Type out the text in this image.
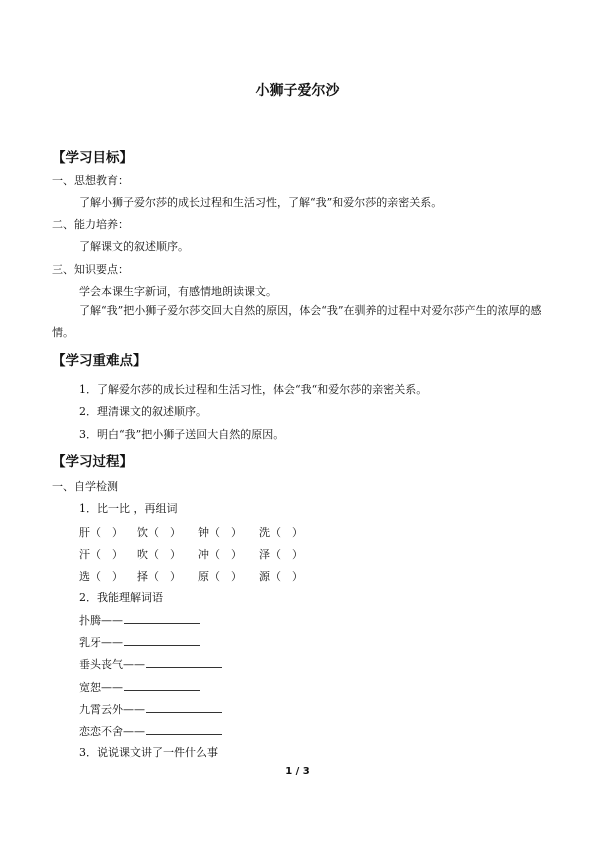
小狮子爱尔沙
【学习目标】
一、思想教育：
了解小狮子爱尔莎的成长过程和生活习性，了解“我”和爱尔莎的亲密关系。
二、能力培养：
了解课文的叙述顺序。
三、知识要点：
学会本课生字新词，有感情地朗读课文。
了解“我”把小狮子爱尔莎交回大自然的原因，体会“我”在驯养的过程中对爱尔莎产生的浓厚的感情。
【学习重难点】
1．了解爱尔莎的成长过程和生活习性，体会“我“和爱尔莎的亲密关系。
2．理清课文的叙述顺序。
3．明白“我”把小狮子送回大自然的原因。
【学习过程】
一、自学检测
1．比一比 ，再组词
肝（　） 饮（　） 钟（　） 洗（　）
汗（　） 吹（　） 冲（　） 泽（　）
选（　） 择（　） 原（　） 源（　）
2．我能理解词语
扑腾——
乳牙——
垂头丧气——
宽恕——
九霄云外——
恋恋不舍——
3．说说课文讲了一件什么事
1 / 3
